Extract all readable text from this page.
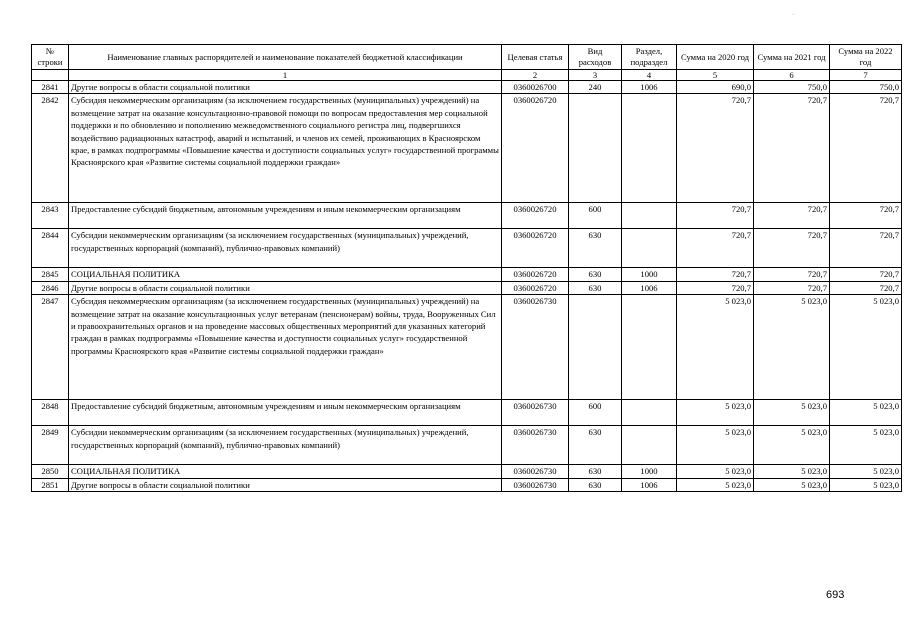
·
№ строки	Наименование главных распорядителей и наименование показателей бюджетной классификации	Целевая статья	Вид расходов	Раздел, подраздел	Сумма на 2020 год	Сумма на 2021 год	Сумма на 2022 год
	1	2	3	4	5	6	7
2841	Другие вопросы в области социальной политики	0360026700	240	1006	690,0	750,0	750,0
2842	Субсидия некоммерческим организациям (за исключением государственных (муниципальных) учреждений) на возмещение затрат на оказание консультационно-правовой помощи по вопросам предоставления мер социальной поддержки и по обновлению и пополнению межведомственного социального регистра лиц, подвергшихся воздействию радиационных катастроф, аварий и испытаний, и членов их семей, проживающих в Красноярском крае, в рамках подпрограммы «Повышение качества и доступности социальных услуг» государственной программы Красноярского края «Развитие системы социальной поддержки граждан»	0360026720			720,7	720,7	720,7
2843	Предоставление субсидий бюджетным, автономным учреждениям и иным некоммерческим организациям	0360026720	600		720,7	720,7	720,7
2844	Субсидии некоммерческим организациям (за исключением государственных (муниципальных) учреждений, государственных корпораций (компаний), публично-правовых компаний)	0360026720	630		720,7	720,7	720,7
2845	СОЦИАЛЬНАЯ ПОЛИТИКА	0360026720	630	1000	720,7	720,7	720,7
2846	Другие вопросы в области социальной политики	0360026720	630	1006	720,7	720,7	720,7
2847	Субсидия некоммерческим организациям (за исключением государственных (муниципальных) учреждений) на возмещение затрат на оказание консультационных услуг ветеранам (пенсионерам) войны, труда, Вооруженных Сил и правоохранительных органов и на проведение массовых общественных мероприятий для указанных категорий граждан в рамках подпрограммы «Повышение качества и доступности социальных услуг» государственной программы Красноярского края «Развитие системы социальной поддержки граждан»	0360026730			5 023,0	5 023,0	5 023,0
2848	Предоставление субсидий бюджетным, автономным учреждениям и иным некоммерческим организациям	0360026730	600		5 023,0	5 023,0	5 023,0
2849	Субсидии некоммерческим организациям (за исключением государственных (муниципальных) учреждений, государственных корпораций (компаний), публично-правовых компаний)	0360026730	630		5 023,0	5 023,0	5 023,0
2850	СОЦИАЛЬНАЯ ПОЛИТИКА	0360026730	630	1000	5 023,0	5 023,0	5 023,0
2851	Другие вопросы в области социальной политики	0360026730	630	1006	5 023,0	5 023,0	5 023,0
693
